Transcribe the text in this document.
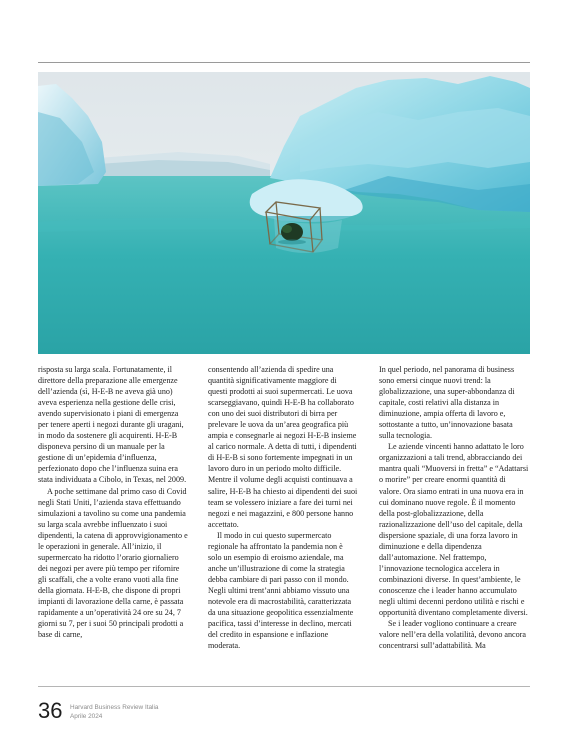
risposta su larga scala. Fortunatamente, il direttore della preparazione alle emergenze dell’azienda (sì, H-E-B ne aveva già uno) aveva esperienza nella gestione delle crisi, avendo supervisionato i piani di emergenza per tenere aperti i negozi durante gli uragani, in modo da sostenere gli acquirenti. H-E-B disponeva persino di un manuale per la gestione di un’epidemia d’influenza, perfezionato dopo che l’influenza suina era stata individuata a Cibolo, in Texas, nel 2009.

A poche settimane dal primo caso di Covid negli Stati Uniti, l’azienda stava effettuando simulazioni a tavolino su come una pandemia su larga scala avrebbe influenzato i suoi dipendenti, la catena di approvvigionamento e le operazioni in generale. All’inizio, il supermercato ha ridotto l’orario giornaliero dei negozi per avere più tempo per rifornire gli scaffali, che a volte erano vuoti alla fine della giornata. H-E-B, che dispone di propri impianti di lavorazione della carne, è passata rapidamente a un’operatività 24 ore su 24, 7 giorni su 7, per i suoi 50 principali prodotti a base di carne,

consentendo all’azienda di spedire una quantità significativamente maggiore di questi prodotti ai suoi supermercati. Le uova scarseggiavano, quindi H-E-B ha collaborato con uno dei suoi distributori di birra per prelevare le uova da un’area geografica più ampia e consegnarle ai negozi H-E-B insieme al carico normale. A detta di tutti, i dipendenti di H-E-B si sono fortemente impegnati in un lavoro duro in un periodo molto difficile. Mentre il volume degli acquisti continuava a salire, H-E-B ha chiesto ai dipendenti dei suoi team se volessero iniziare a fare dei turni nei negozi e nei magazzini, e 800 persone hanno accettato.

Il modo in cui questo supermercato regionale ha affrontato la pandemia non è solo un esempio di eroismo aziendale, ma anche un’illustrazione di come la strategia debba cambiare di pari passo con il mondo. Negli ultimi trent’anni abbiamo vissuto una notevole era di macrostabilità, caratterizzata da una situazione geopolitica essenzialmente pacifica, tassi d’interesse in declino, mercati del credito in espansione e inflazione moderata.

In quel periodo, nel panorama di business sono emersi cinque nuovi trend: la globalizzazione, una super-abbondanza di capitale, costi relativi alla distanza in diminuzione, ampia offerta di lavoro e, sottostante a tutto, un’innovazione basata sulla tecnologia.

Le aziende vincenti hanno adattato le loro organizzazioni a tali trend, abbracciando dei mantra quali “Muoversi in fretta” e “Adattarsi o morire” per creare enormi quantità di valore. Ora siamo entrati in una nuova era in cui dominano nuove regole. È il momento della post-globalizzazione, della razionalizzazione dell’uso del capitale, della dispersione spaziale, di una forza lavoro in diminuzione e della dipendenza dall’automazione. Nel frattempo, l’innovazione tecnologica accelera in combinazioni diverse. In quest’ambiente, le conoscenze che i leader hanno accumulato negli ultimi decenni perdono utilità e rischi e opportunità diventano completamente diversi.

Se i leader vogliono continuare a creare valore nell’era della volatilità, devono ancora concentrarsi sull’adattabilità. Ma

36 Harvard Business Review Italia
Aprile 2024
